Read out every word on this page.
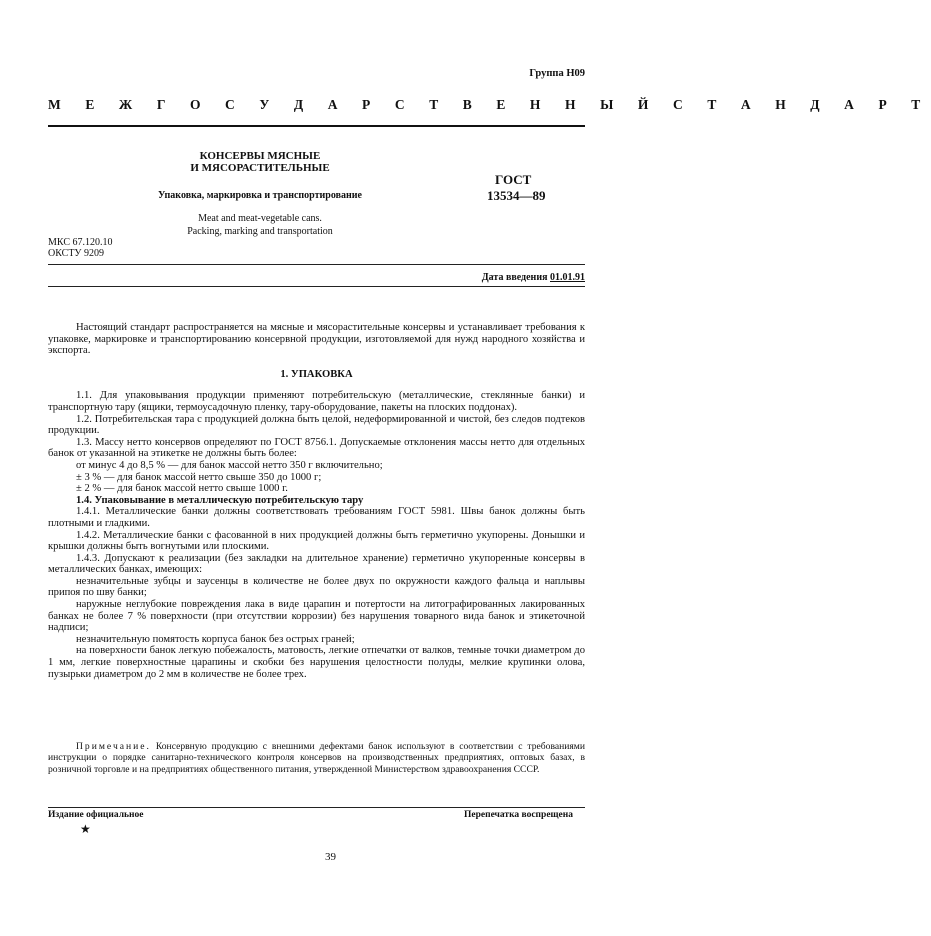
Группа Н09
М Е Ж Г О С У Д А Р С Т В Е Н Н Ы Й С Т А Н Д А Р Т
КОНСЕРВЫ МЯСНЫЕ
И МЯСОРАСТИТЕЛЬНЫЕ
Упаковка, маркировка и транспортирование
Meat and meat-vegetable cans.
Packing, marking and transportation
ГОСТ
13534—89
МКС 67.120.10
ОКСТУ 9209
Дата введения 01.01.91

Настоящий стандарт распространяется на мясные и мясорастительные консервы и устанавливает требования к упаковке, маркировке и транспортированию консервной продукции, изготовляемой для нужд народного хозяйства и экспорта.

1. УПАКОВКА

1.1. Для упаковывания продукции применяют потребительскую (металлические, стеклянные банки) и транспортную тару (ящики, термоусадочную пленку, тару-оборудование, пакеты на плоских поддонах).

1.2. Потребительская тара с продукцией должна быть целой, недеформированной и чистой, без следов подтеков продукции.

1.3. Массу нетто консервов определяют по ГОСТ 8756.1. Допускаемые отклонения массы нетто для отдельных банок от указанной на этикетке не должны быть более:

от минус 4 до 8,5 % — для банок массой нетто 350 г включительно;

± 3 % — для банок массой нетто свыше 350 до 1000 г;

± 2 % — для банок массой нетто свыше 1000 г.

1.4. Упаковывание в металлическую потребительскую тару

1.4.1. Металлические банки должны соответствовать требованиям ГОСТ 5981. Швы банок должны быть плотными и гладкими.

1.4.2. Металлические банки с фасованной в них продукцией должны быть герметично укупорены. Донышки и крышки должны быть вогнутыми или плоскими.

1.4.3. Допускают к реализации (без закладки на длительное хранение) герметично укупоренные консервы в металлических банках, имеющих:

незначительные зубцы и заусенцы в количестве не более двух по окружности каждого фальца и наплывы припоя по шву банки;

наружные неглубокие повреждения лака в виде царапин и потертости на литографированных лакированных банках не более 7 % поверхности (при отсутствии коррозии) без нарушения товарного вида банок и этикеточной надписи;

незначительную помятость корпуса банок без острых граней;

на поверхности банок легкую побежалость, матовость, легкие отпечатки от валков, темные точки диаметром до 1 мм, легкие поверхностные царапины и скобки без нарушения целостности полуды, мелкие крупинки олова, пузырьки диаметром до 2 мм в количестве не более трех.

Примечание. Консервную продукцию с внешними дефектами банок используют в соответствии с требованиями инструкции о порядке санитарно-технического контроля консервов на производственных предприятиях, оптовых базах, в розничной торговле и на предприятиях общественного питания, утвержденной Министерством здравоохранения СССР.
Издание официальное	Перепечатка воспрещена
★
39
